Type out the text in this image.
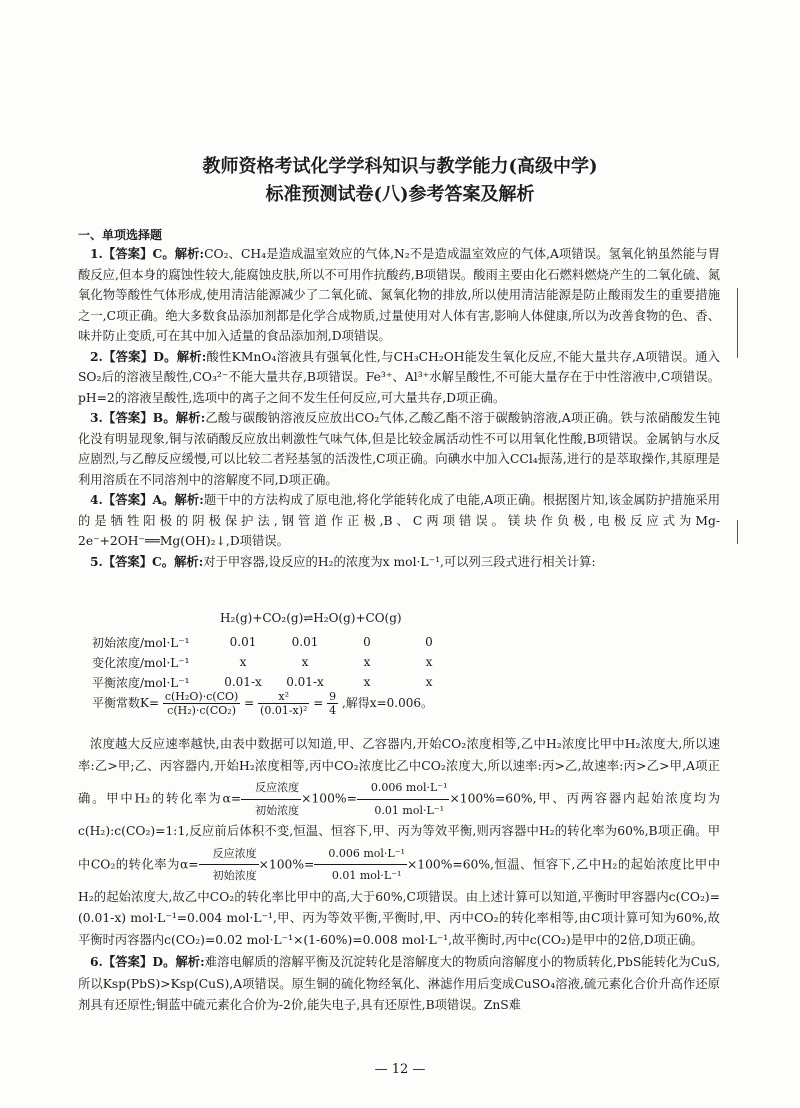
教师资格考试化学学科知识与教学能力(高级中学)
标准预测试卷(八)参考答案及解析
一、单项选择题

1.【答案】C。解析:CO₂、CH₄是造成温室效应的气体,N₂不是造成温室效应的气体,A项错误。氢氧化钠虽然能与胃酸反应,但本身的腐蚀性较大,能腐蚀皮肤,所以不可用作抗酸药,B项错误。酸雨主要由化石燃料燃烧产生的二氧化硫、氮氧化物等酸性气体形成,使用清洁能源减少了二氧化硫、氮氧化物的排放,所以使用清洁能源是防止酸雨发生的重要措施之一,C项正确。绝大多数食品添加剂都是化学合成物质,过量使用对人体有害,影响人体健康,所以为改善食物的色、香、味并防止变质,可在其中加入适量的食品添加剂,D项错误。

2.【答案】D。解析:酸性KMnO₄溶液具有强氧化性,与CH₃CH₂OH能发生氧化反应,不能大量共存,A项错误。通入SO₂后的溶液呈酸性,CO₃²⁻不能大量共存,B项错误。Fe³⁺、Al³⁺水解呈酸性,不可能大量存在于中性溶液中,C项错误。pH=2的溶液呈酸性,选项中的离子之间不发生任何反应,可大量共存,D项正确。

3.【答案】B。解析:乙酸与碳酸钠溶液反应放出CO₂气体,乙酸乙酯不溶于碳酸钠溶液,A项正确。铁与浓硝酸发生钝化没有明显现象,铜与浓硝酸反应放出刺激性气味气体,但是比较金属活动性不可以用氧化性酸,B项错误。金属钠与水反应剧烈,与乙醇反应缓慢,可以比较二者羟基氢的活泼性,C项正确。向碘水中加入CCl₄振荡,进行的是萃取操作,其原理是利用溶质在不同溶剂中的溶解度不同,D项正确。

4.【答案】A。解析:题干中的方法构成了原电池,将化学能转化成了电能,A项正确。根据图片知,该金属防护措施采用的是牺牲阳极的阴极保护法,钢管道作正极,B、C两项错误。镁块作负极,电极反应式为Mg-2e⁻+2OH⁻══Mg(OH)₂↓,D项错误。

5.【答案】C。解析:对于甲容器,设反应的H₂的浓度为x mol·L⁻¹,可以列三段式进行相关计算:

H₂(g)+CO₂(g)⇌H₂O(g)+CO(g)
初始浓度/mol·L⁻¹	0.01	0.01	0	0
变化浓度/mol·L⁻¹	x	x	x	x
平衡浓度/mol·L⁻¹	0.01-x	0.01-x	x	x
平衡常数$K= \frac{\text{c(H₂O)·c(CO)}}{\text{c(H₂)·c(CO₂)}} = \frac{\text{x²}}{\text{(0.01-x)²}} = \frac{9}{4}$ ,解得x=0.006。

浓度越大反应速率越快,由表中数据可以知道,甲、乙容器内,开始CO₂浓度相等,乙中H₂浓度比甲中H₂浓度大,所以速率:乙>甲;乙、丙容器内,开始H₂浓度相等,丙中CO₂浓度比乙中CO₂浓度大,所以速率:丙>乙,故速率:丙>乙>甲,A项正确。甲中H₂的转化率为$\alpha= \frac{\text{反应浓度}}{\text{初始浓度}} \times 100\%= \frac{\text{0.006 mol·L⁻¹}}{\text{0.01 mol·L⁻¹}} \times 100\%=60\%$,甲、丙两容器内起始浓度均为c(H₂):c(CO₂)=1:1,反应前后体积不变,恒温、恒容下,甲、丙为等效平衡,则丙容器中H₂的转化率为60%,B项正确。甲中CO₂的转化率为$\alpha= \frac{\text{反应浓度}}{\text{初始浓度}} \times 100\%= \frac{\text{0.006 mol·L⁻¹}}{\text{0.01 mol·L⁻¹}} \times 100\%=60\%$,恒温、恒容下,乙中H₂的起始浓度比甲中H₂的起始浓度大,故乙中CO₂的转化率比甲中的高,大于60%,C项错误。由上述计算可以知道,平衡时甲容器内c(CO₂)=(0.01-x) mol·L⁻¹=0.004 mol·L⁻¹,甲、丙为等效平衡,平衡时,甲、丙中CO₂的转化率相等,由C项计算可知为60%,故平衡时丙容器内c(CO₂)=0.02 mol·L⁻¹×(1-60%)=0.008 mol·L⁻¹,故平衡时,丙中c(CO₂)是甲中的2倍,D项正确。

6.【答案】D。解析:难溶电解质的溶解平衡及沉淀转化是溶解度大的物质向溶解度小的物质转化,PbS能转化为CuS,所以Ksp(PbS)>Ksp(CuS),A项错误。原生铜的硫化物经氧化、淋滤作用后变成CuSO₄溶液,硫元素化合价升高作还原剂具有还原性;铜蓝中硫元素化合价为-2价,能失电子,具有还原性,B项错误。ZnS难

— 12 —
